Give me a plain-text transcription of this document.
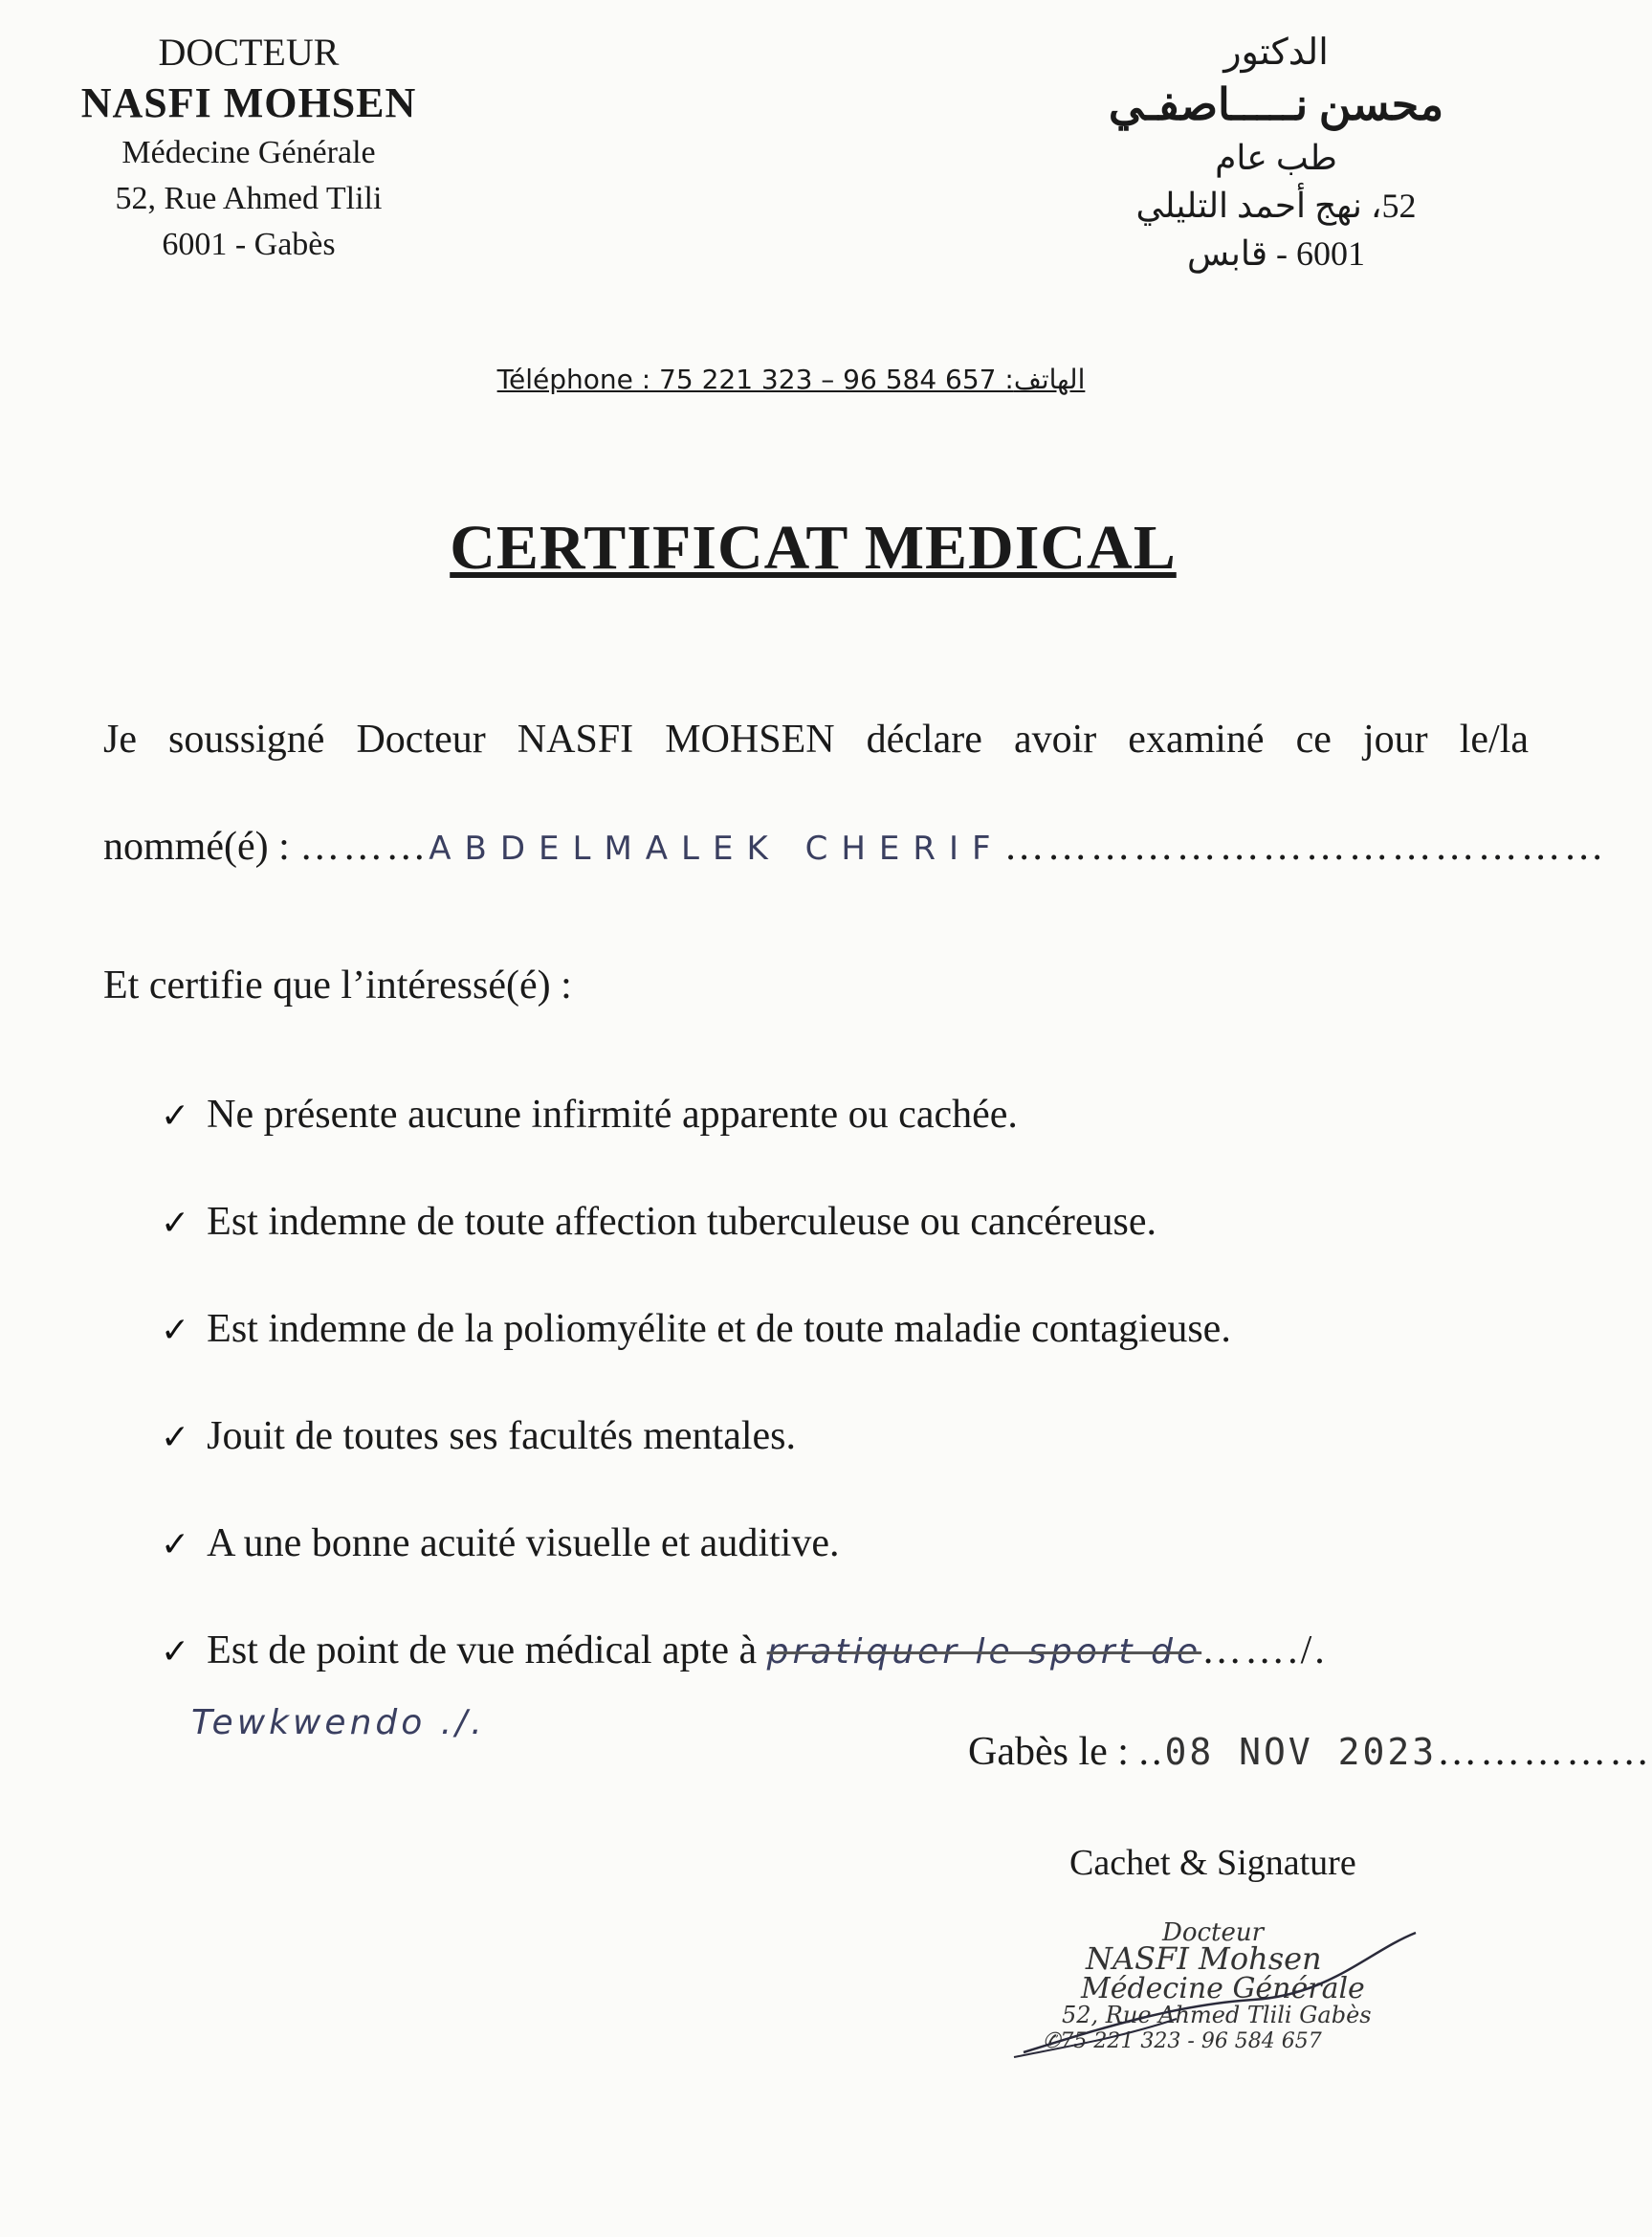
DOCTEUR
NASFI MOHSEN
Médecine Générale
52, Rue Ahmed Tlili
6001 - Gabès
الدكتور
محسن نـــــاصفـي
طب عام
52، نهج أحمد التليلي
6001 - قابس
Téléphone : 75 221 323 – 96 584 657 :الهاتف
CERTIFICAT MEDICAL
Je soussigné Docteur NASFI MOHSEN déclare avoir examiné ce jour le/la
nommé(é) : ………ABDELMALEK CHERIF……………………………………
Et certifie que l’intéressé(é) :
✓ Ne présente aucune infirmité apparente ou cachée.
✓ Est indemne de toute affection tuberculeuse ou cancéreuse.
✓ Est indemne de la poliomyélite et de toute maladie contagieuse.
✓ Jouit de toutes ses facultés mentales.
✓ A une bonne acuité visuelle et auditive.
✓ Est de point de vue médical apte à pratiquer le sport de……./.
Tewkwendo ./.
Gabès le : ..08 NOV 2023……………
Cachet & Signature
Docteur
NASFI Mohsen
Médecine Générale
52, Rue Ahmed Tlili Gabès
✆75 221 323 - 96 584 657
